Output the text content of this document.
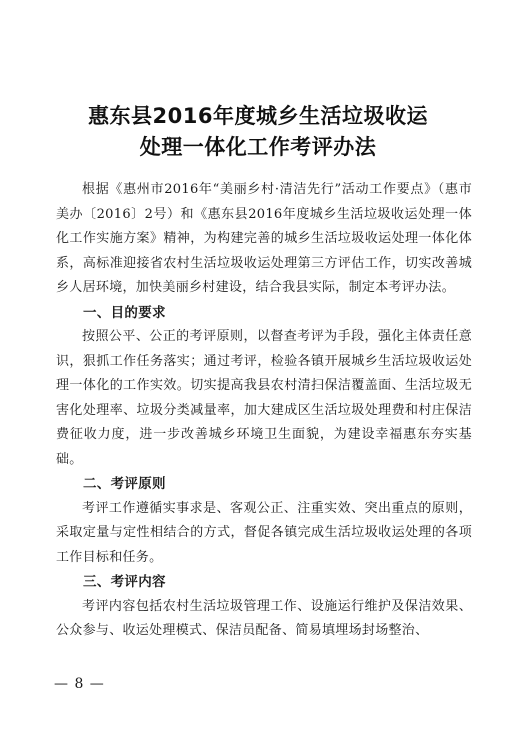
惠东县2016年度城乡生活垃圾收运
处理一体化工作考评办法

根据《惠州市2016年“美丽乡村·清洁先行”活动工作要点》（惠市美办〔2016〕2号）和《惠东县2016年度城乡生活垃圾收运处理一体化工作实施方案》精神，为构建完善的城乡生活垃圾收运处理一体化体系，高标准迎接省农村生活垃圾收运处理第三方评估工作，切实改善城乡人居环境，加快美丽乡村建设，结合我县实际，制定本考评办法。

一、目的要求

按照公平、公正的考评原则，以督查考评为手段，强化主体责任意识，狠抓工作任务落实；通过考评，检验各镇开展城乡生活垃圾收运处理一体化的工作实效。切实提高我县农村清扫保洁覆盖面、生活垃圾无害化处理率、垃圾分类减量率，加大建成区生活垃圾处理费和村庄保洁费征收力度，进一步改善城乡环境卫生面貌，为建设幸福惠东夯实基础。

二、考评原则

考评工作遵循实事求是、客观公正、注重实效、突出重点的原则，采取定量与定性相结合的方式，督促各镇完成生活垃圾收运处理的各项工作目标和任务。

三、考评内容

考评内容包括农村生活垃圾管理工作、设施运行维护及保洁效果、公众参与、收运处理模式、保洁员配备、简易填埋场封场整治、

— 8 —
